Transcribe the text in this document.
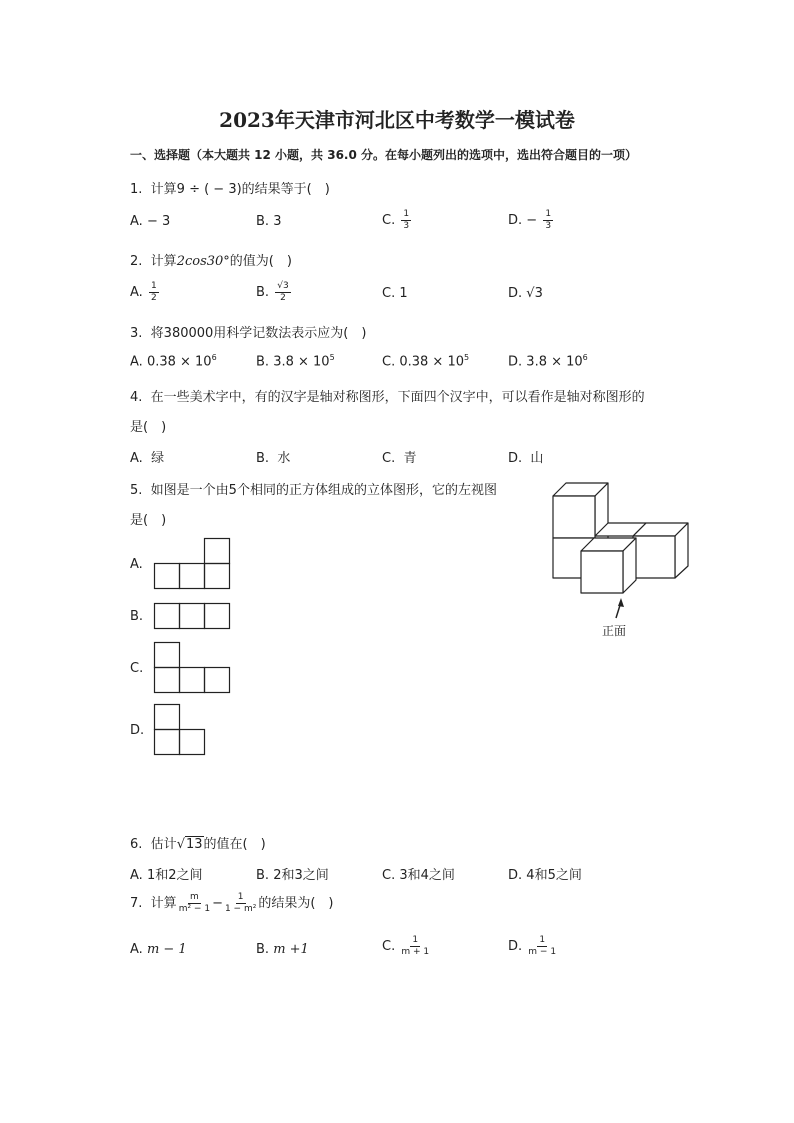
2023年天津市河北区中考数学一模试卷
一、选择题（本大题共 12 小题，共 36.0 分。在每小题列出的选项中，选出符合题目的一项）
1. 计算9 ÷ ( − 3)的结果等于(　)
A. − 3	B. 3	C. $\frac{1}{3}$	D. − $\frac{1}{3}$
2. 计算2cos30°的值为(　)
A. $\frac{1}{2}$	B. $\frac{√3}{2}$	C. 1	D. √3
3. 将380000用科学记数法表示应为(　)
A. $0.38 \times 10^6$	B. $3.8 \times 10^5$	C. $0.38 \times 10^5$	D. $3.8 \times 10^6$
4. 在一些美术字中，有的汉字是轴对称图形，下面四个汉字中，可以看作是轴对称图形的
是(　)
A. 绿	B. 水	C. 青	D. 山
5. 如图是一个由5个相同的正方体组成的立体图形，它的左视图
是(　)
A.
B.
C.
D.
正面
6. 估计√13的值在(　)
A. 1和2之间	B. 2和3之间	C. 3和4之间	D. 4和5之间
7. 计算 $\frac{m}{\text{m² − 1}} - \frac{1}{\text{1 − m²}}$ 的结果为(　)
A. m − 1	B. m +1	C. $\frac{1}{m + 1}$	D. $\frac{1}{m - 1}$
